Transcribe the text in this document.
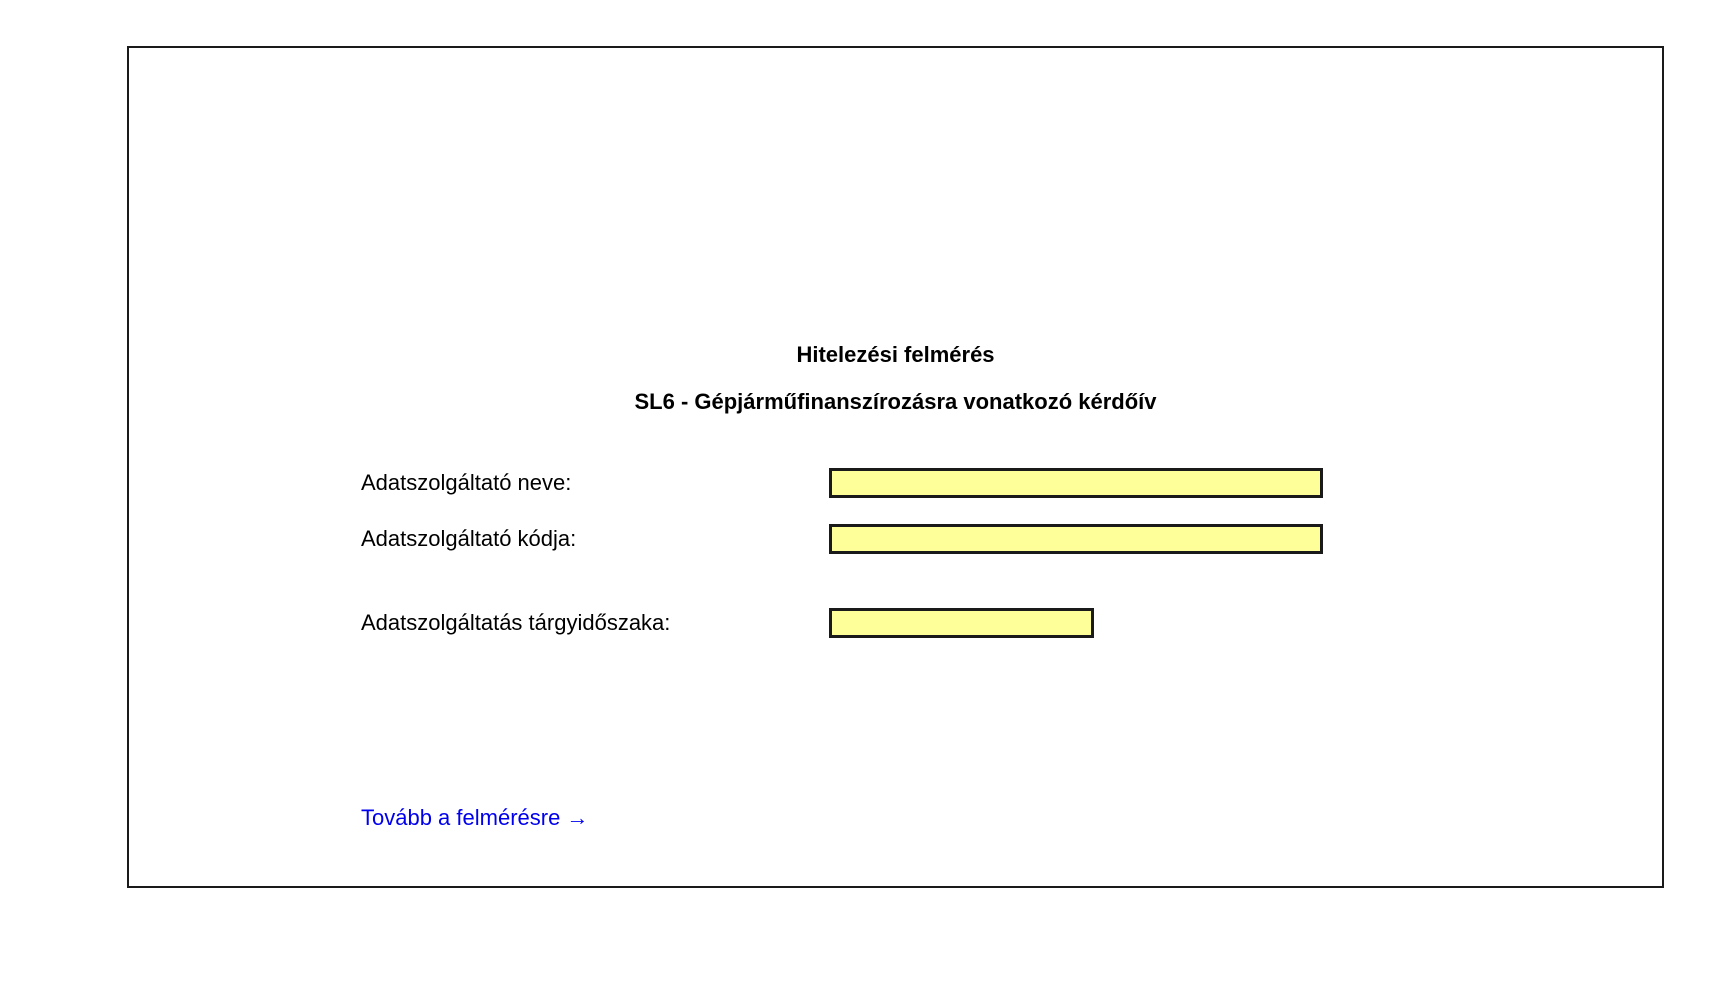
Hitelezési felmérés
SL6 - Gépjárműfinanszírozásra vonatkozó kérdőív
Adatszolgáltató neve:
Adatszolgáltató kódja:
Adatszolgáltatás tárgyidőszaka:
Tovább a felmérésre →
